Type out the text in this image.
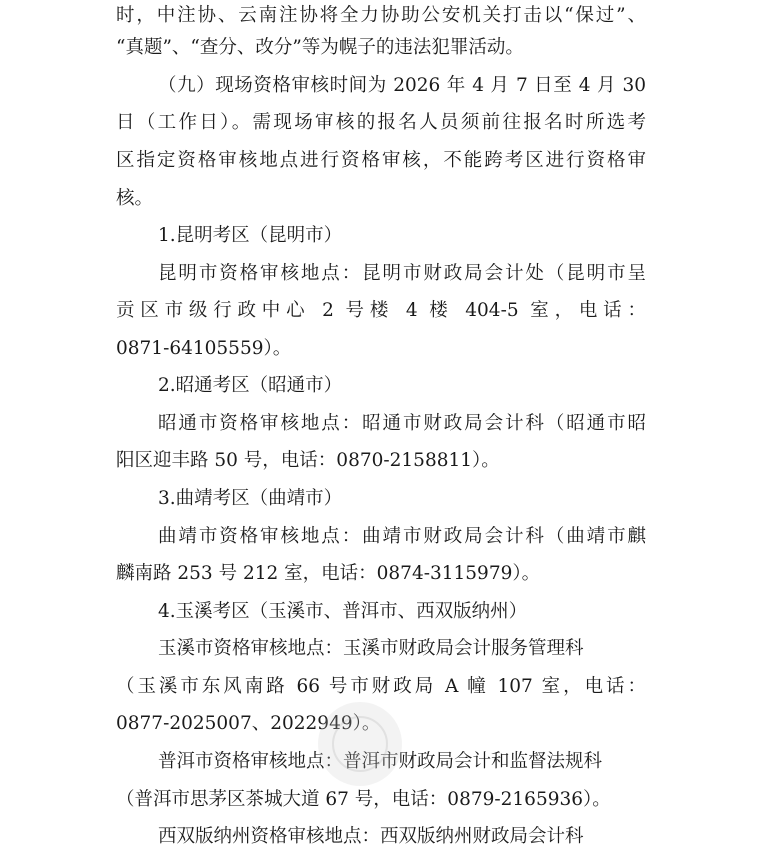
时，中注协、云南注协将全力协助公安机关打击以“保过”、
“真题”、“查分、改分”等为幌子的违法犯罪活动。
（九）现场资格审核时间为 2026 年 4 月 7 日至 4 月 30
日（工作日）。需现场审核的报名人员须前往报名时所选考
区指定资格审核地点进行资格审核，不能跨考区进行资格审
核。
1.昆明考区（昆明市）
昆明市资格审核地点：昆明市财政局会计处（昆明市呈
贡区市级行政中心 2 号楼 4 楼 404-5 室，电话：
0871-64105559）。
2.昭通考区（昭通市）
昭通市资格审核地点：昭通市财政局会计科（昭通市昭
阳区迎丰路 50 号，电话：0870-2158811）。
3.曲靖考区（曲靖市）
曲靖市资格审核地点：曲靖市财政局会计科（曲靖市麒
麟南路 253 号 212 室，电话：0874-3115979）。
4.玉溪考区（玉溪市、普洱市、西双版纳州）
玉溪市资格审核地点：玉溪市财政局会计服务管理科
（玉溪市东风南路 66 号市财政局 A 幢 107 室，电话：
0877-2025007、2022949）。
普洱市资格审核地点：普洱市财政局会计和监督法规科
（普洱市思茅区茶城大道 67 号，电话：0879-2165936）。
西双版纳州资格审核地点：西双版纳州财政局会计科
